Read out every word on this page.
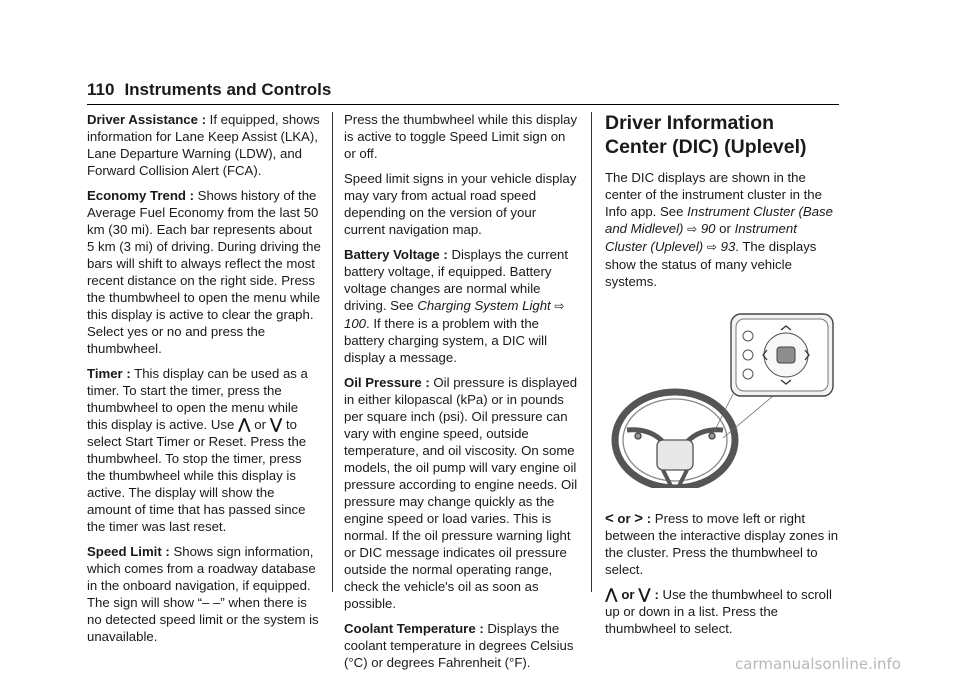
110 Instruments and Controls

Driver Assistance : If equipped, shows information for Lane Keep Assist (LKA), Lane Departure Warning (LDW), and Forward Collision Alert (FCA).

Economy Trend : Shows history of the Average Fuel Economy from the last 50 km (30 mi). Each bar represents about 5 km (3 mi) of driving. During driving the bars will shift to always reflect the most recent distance on the right side. Press the thumbwheel to open the menu while this display is active to clear the graph. Select yes or no and press the thumbwheel.

Timer : This display can be used as a timer. To start the timer, press the thumbwheel to open the menu while this display is active. Use ⋀ or ⋁ to select Start Timer or Reset. Press the thumbwheel. To stop the timer, press the thumbwheel while this display is active. The display will show the amount of time that has passed since the timer was last reset.

Speed Limit : Shows sign information, which comes from a roadway database in the onboard navigation, if equipped. The sign will show “– –” when there is no detected speed limit or the system is unavailable.

Press the thumbwheel while this display is active to toggle Speed Limit sign on or off.

Speed limit signs in your vehicle display may vary from actual road speed depending on the version of your current navigation map.

Battery Voltage : Displays the current battery voltage, if equipped. Battery voltage changes are normal while driving. See Charging System Light ⇨ 100. If there is a problem with the battery charging system, a DIC will display a message.

Oil Pressure : Oil pressure is displayed in either kilopascal (kPa) or in pounds per square inch (psi). Oil pressure can vary with engine speed, outside temperature, and oil viscosity. On some models, the oil pump will vary engine oil pressure according to engine needs. Oil pressure may change quickly as the engine speed or load varies. This is normal. If the oil pressure warning light or DIC message indicates oil pressure outside the normal operating range, check the vehicle's oil as soon as possible.

Coolant Temperature : Displays the coolant temperature in degrees Celsius (°C) or degrees Fahrenheit (°F).

Driver Information Center (DIC) (Uplevel)

The DIC displays are shown in the center of the instrument cluster in the Info app. See Instrument Cluster (Base and Midlevel) ⇨ 90 or Instrument Cluster (Uplevel) ⇨ 93. The displays show the status of many vehicle systems.

< or > : Press to move left or right between the interactive display zones in the cluster. Press the thumbwheel to select.

⋀ or ⋁ : Use the thumbwheel to scroll up or down in a list. Press the thumbwheel to select.

carmanualsonline.info
